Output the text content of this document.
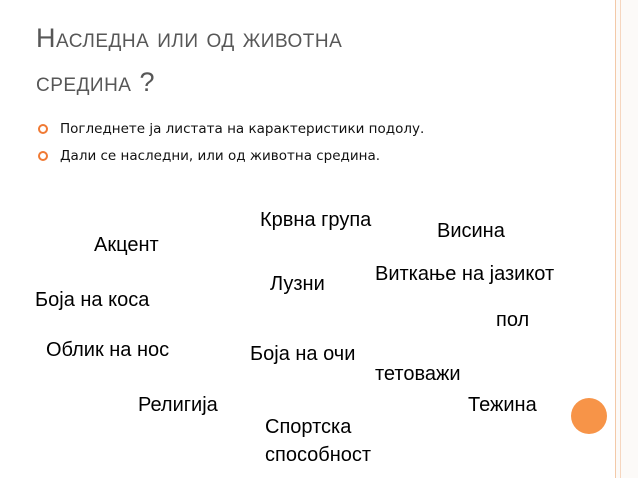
Наследна или од животна
средина ?
Погледнете ја листата на карактеристики подолу.
Дали се наследни, или од животна средина.
Крвна група	Висина
Акцент
Лузни	Виткање на јазикот
Боја на коса
пол
Облик на нос	Боја на очи
тетоважи
Религија	Тежина
Спортска
способност
